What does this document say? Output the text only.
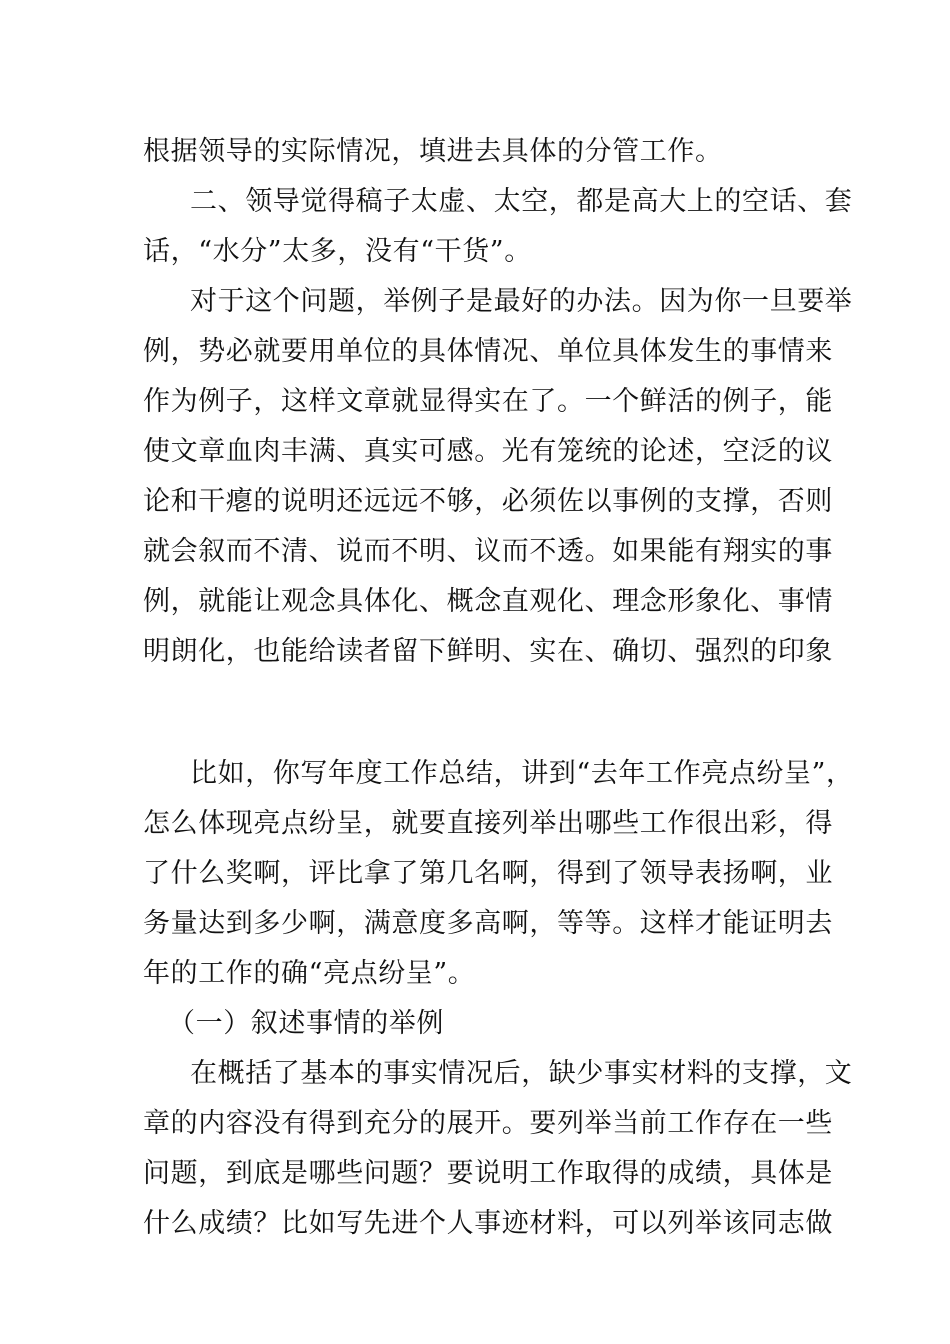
根据领导的实际情况，填进去具体的分管工作。
二、领导觉得稿子太虚、太空，都是高大上的空话、套
话，“水分”太多，没有“干货”。
对于这个问题，举例子是最好的办法。因为你一旦要举
例，势必就要用单位的具体情况、单位具体发生的事情来
作为例子，这样文章就显得实在了。一个鲜活的例子，能
使文章血肉丰满、真实可感。光有笼统的论述，空泛的议
论和干瘪的说明还远远不够，必须佐以事例的支撑，否则
就会叙而不清、说而不明、议而不透。如果能有翔实的事
例，就能让观念具体化、概念直观化、理念形象化、事情
明朗化，也能给读者留下鲜明、实在、确切、强烈的印象
比如，你写年度工作总结，讲到“去年工作亮点纷呈”，
怎么体现亮点纷呈，就要直接列举出哪些工作很出彩，得
了什么奖啊，评比拿了第几名啊，得到了领导表扬啊，业
务量达到多少啊，满意度多高啊，等等。这样才能证明去
年的工作的确“亮点纷呈”。
（一）叙述事情的举例
在概括了基本的事实情况后，缺少事实材料的支撑，文
章的内容没有得到充分的展开。要列举当前工作存在一些
问题，到底是哪些问题？要说明工作取得的成绩，具体是
什么成绩？比如写先进个人事迹材料，可以列举该同志做
